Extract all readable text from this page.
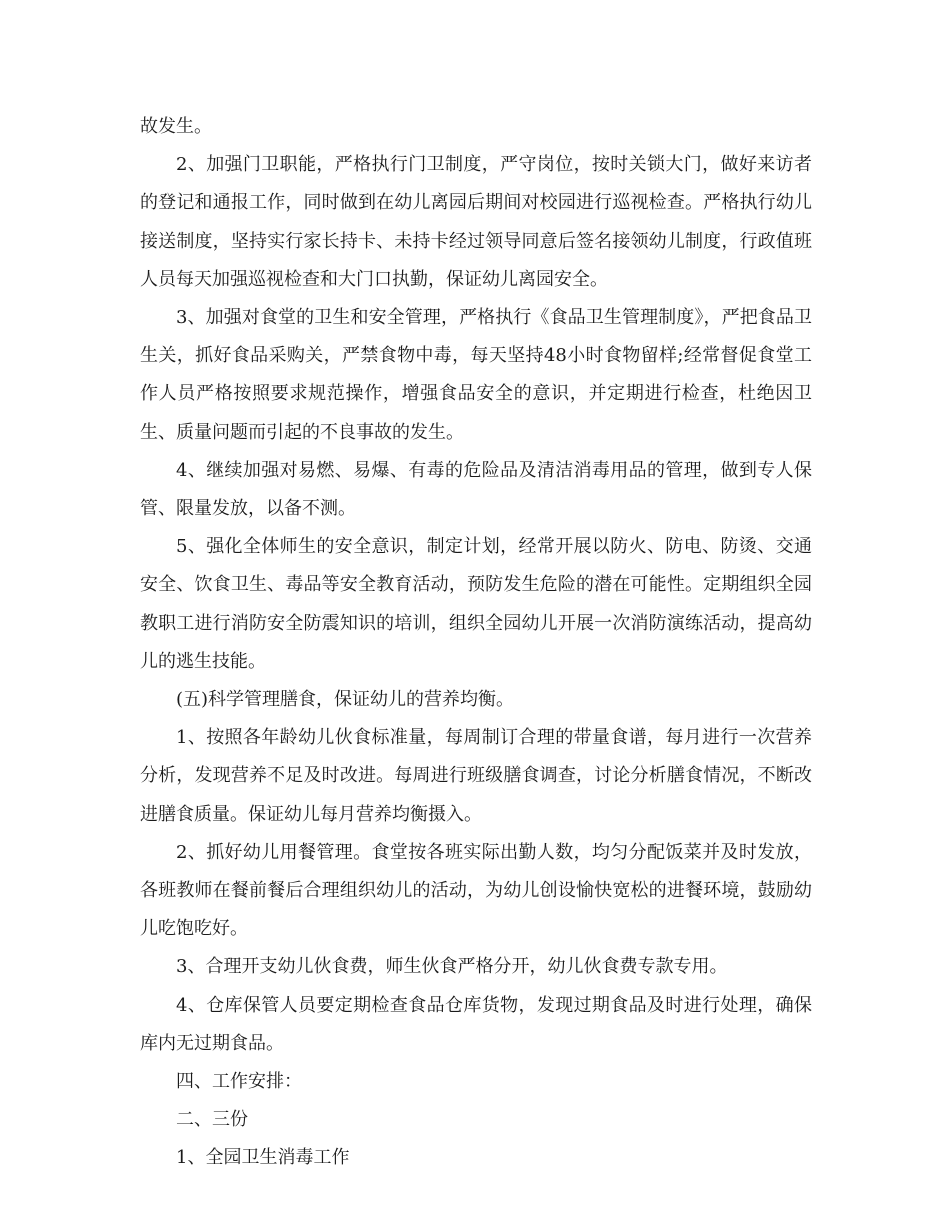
故发生。

2、加强门卫职能，严格执行门卫制度，严守岗位，按时关锁大门，做好来访者的登记和通报工作，同时做到在幼儿离园后期间对校园进行巡视检查。严格执行幼儿接送制度，坚持实行家长持卡、未持卡经过领导同意后签名接领幼儿制度，行政值班人员每天加强巡视检查和大门口执勤，保证幼儿离园安全。

3、加强对食堂的卫生和安全管理，严格执行《食品卫生管理制度》，严把食品卫生关，抓好食品采购关，严禁食物中毒，每天坚持48小时食物留样;经常督促食堂工作人员严格按照要求规范操作，增强食品安全的意识，并定期进行检查，杜绝因卫生、质量问题而引起的不良事故的发生。

4、继续加强对易燃、易爆、有毒的危险品及清洁消毒用品的管理，做到专人保管、限量发放，以备不测。

5、强化全体师生的安全意识，制定计划，经常开展以防火、防电、防烫、交通安全、饮食卫生、毒品等安全教育活动，预防发生危险的潜在可能性。定期组织全园教职工进行消防安全防震知识的培训，组织全园幼儿开展一次消防演练活动，提高幼儿的逃生技能。

(五)科学管理膳食，保证幼儿的营养均衡。

1、按照各年龄幼儿伙食标准量，每周制订合理的带量食谱，每月进行一次营养分析，发现营养不足及时改进。每周进行班级膳食调查，讨论分析膳食情况，不断改进膳食质量。保证幼儿每月营养均衡摄入。

2、抓好幼儿用餐管理。食堂按各班实际出勤人数，均匀分配饭菜并及时发放，各班教师在餐前餐后合理组织幼儿的活动，为幼儿创设愉快宽松的进餐环境，鼓励幼儿吃饱吃好。

3、合理开支幼儿伙食费，师生伙食严格分开，幼儿伙食费专款专用。

4、仓库保管人员要定期检查食品仓库货物，发现过期食品及时进行处理，确保库内无过期食品。

四、工作安排：

二、三份

1、全园卫生消毒工作
